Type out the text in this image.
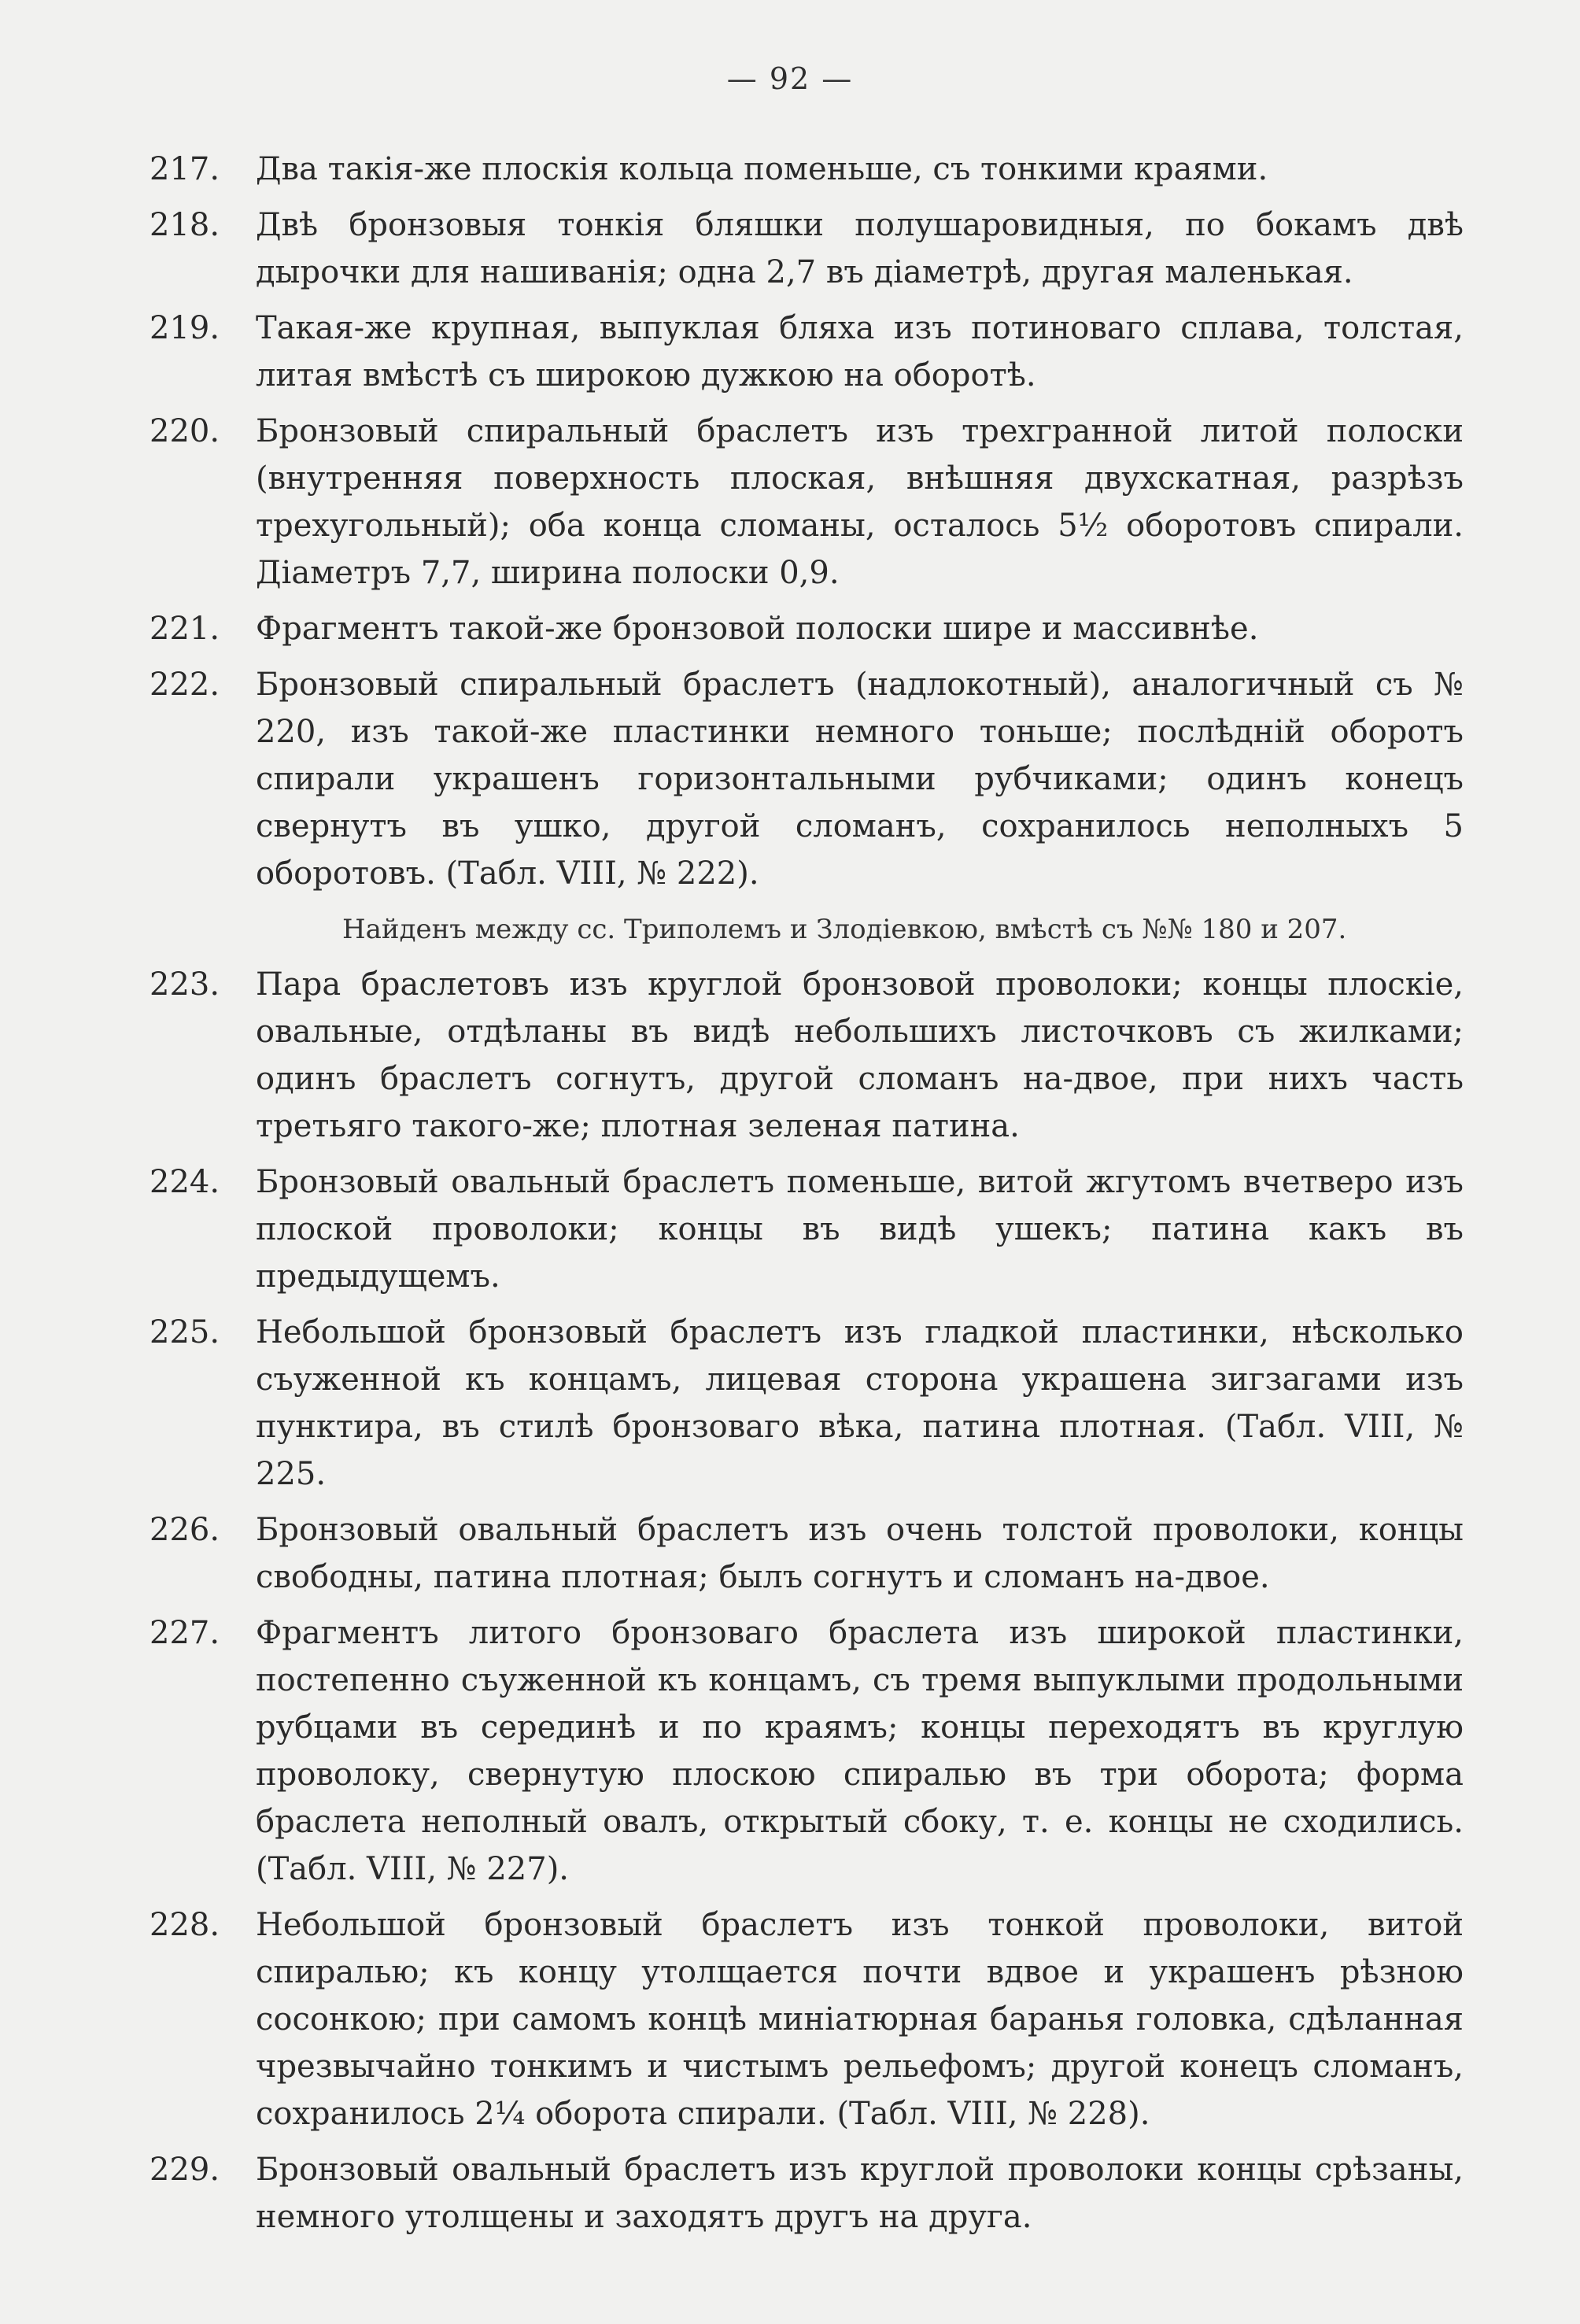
— 92 —
217.	Два такія-же плоскія кольца поменьше, съ тонкими краями.
218.	Двѣ бронзовыя тонкія бляшки полушаровидныя, по бокамъ двѣ дырочки для нашиванія; одна 2,7 въ діаметрѣ, другая маленькая.
219.	Такая-же крупная, выпуклая бляха изъ потиноваго сплава, толстая, литая вмѣстѣ съ широкою дужкою на оборотѣ.
220.	Бронзовый спиральный браслетъ изъ трехгранной литой полоски (внутренняя поверхность плоская, внѣшняя двухскатная, разрѣзъ трехугольный); оба конца сломаны, осталось 5½ оборотовъ спирали. Діаметръ 7,7, ширина полоски 0,9.
221.	Фрагментъ такой-же бронзовой полоски шире и массивнѣе.
222.	Бронзовый спиральный браслетъ (надлокотный), аналогичный съ № 220, изъ такой-же пластинки немного тоньше; послѣдній оборотъ спирали украшенъ горизонтальными рубчиками; одинъ конецъ свернутъ въ ушко, другой сломанъ, сохранилось неполныхъ 5 оборотовъ. (Табл. VIII, № 222).
Найденъ между сс. Триполемъ и Злодіевкою, вмѣстѣ съ №№ 180 и 207.
223.	Пара браслетовъ изъ круглой бронзовой проволоки; концы плоскіе, овальные, отдѣланы въ видѣ небольшихъ листочковъ съ жилками; одинъ браслетъ согнутъ, другой сломанъ на-двое, при нихъ часть третьяго такого-же; плотная зеленая патина.
224.	Бронзовый овальный браслетъ поменьше, витой жгутомъ вчетверо изъ плоской проволоки; концы въ видѣ ушекъ; патина какъ въ предыдущемъ.
225.	Небольшой бронзовый браслетъ изъ гладкой пластинки, нѣсколько съуженной къ концамъ, лицевая сторона украшена зигзагами изъ пунктира, въ стилѣ бронзоваго вѣка, патина плотная. (Табл. VIII, № 225.
226.	Бронзовый овальный браслетъ изъ очень толстой проволоки, концы свободны, патина плотная; былъ согнутъ и сломанъ на-двое.
227.	Фрагментъ литого бронзоваго браслета изъ широкой пластинки, постепенно съуженной къ концамъ, съ тремя выпуклыми продольными рубцами въ серединѣ и по краямъ; концы переходятъ въ круглую проволоку, свернутую плоскою спиралью въ три оборота; форма браслета неполный овалъ, открытый сбоку, т. е. концы не сходились. (Табл. VIII, № 227).
228.	Небольшой бронзовый браслетъ изъ тонкой проволоки, витой спиралью; къ концу утолщается почти вдвое и украшенъ рѣзною сосонкою; при самомъ концѣ миніатюрная баранья головка, сдѣланная чрезвычайно тонкимъ и чистымъ рельефомъ; другой конецъ сломанъ, сохранилось 2¼ оборота спирали. (Табл. VIII, № 228).
229.	Бронзовый овальный браслетъ изъ круглой проволоки концы срѣзаны, немного утолщены и заходятъ другъ на друга.
